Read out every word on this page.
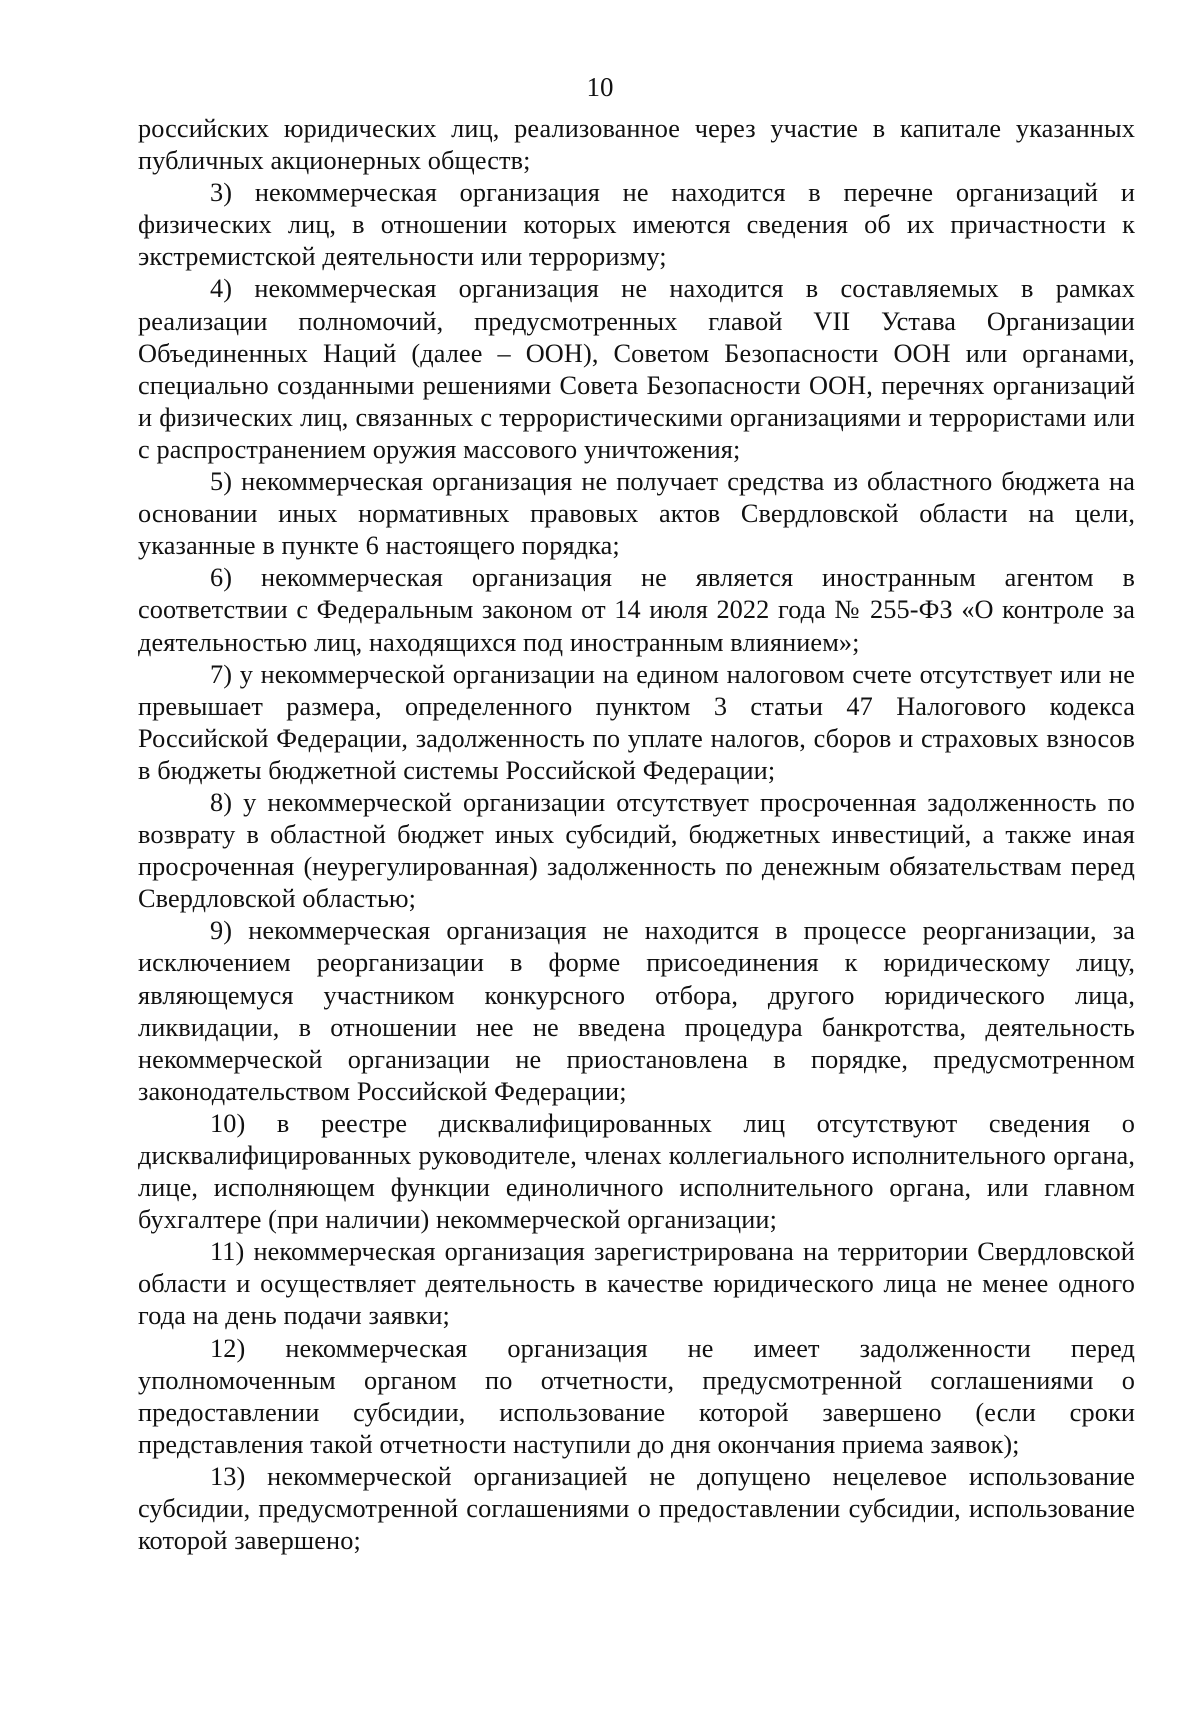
10

российских юридических лиц, реализованное через участие в капитале указанных публичных акционерных обществ;

3) некоммерческая организация не находится в перечне организаций и физических лиц, в отношении которых имеются сведения об их причастности к экстремистской деятельности или терроризму;

4) некоммерческая организация не находится в составляемых в рамках реализации полномочий, предусмотренных главой VII Устава Организации Объединенных Наций (далее – ООН), Советом Безопасности ООН или органами, специально созданными решениями Совета Безопасности ООН, перечнях организаций и физических лиц, связанных с террористическими организациями и террористами или с распространением оружия массового уничтожения;

5) некоммерческая организация не получает средства из областного бюджета на основании иных нормативных правовых актов Свердловской области на цели, указанные в пункте 6 настоящего порядка;

6) некоммерческая организация не является иностранным агентом в соответствии с Федеральным законом от 14 июля 2022 года № 255-ФЗ «О контроле за деятельностью лиц, находящихся под иностранным влиянием»;

7) у некоммерческой организации на едином налоговом счете отсутствует или не превышает размера, определенного пунктом 3 статьи 47 Налогового кодекса Российской Федерации, задолженность по уплате налогов, сборов и страховых взносов в бюджеты бюджетной системы Российской Федерации;

8) у некоммерческой организации отсутствует просроченная задолженность по возврату в областной бюджет иных субсидий, бюджетных инвестиций, а также иная просроченная (неурегулированная) задолженность по денежным обязательствам перед Свердловской областью;

9) некоммерческая организация не находится в процессе реорганизации, за исключением реорганизации в форме присоединения к юридическому лицу, являющемуся участником конкурсного отбора, другого юридического лица, ликвидации, в отношении нее не введена процедура банкротства, деятельность некоммерческой организации не приостановлена в порядке, предусмотренном законодательством Российской Федерации;

10) в реестре дисквалифицированных лиц отсутствуют сведения о дисквалифицированных руководителе, членах коллегиального исполнительного органа, лице, исполняющем функции единоличного исполнительного органа, или главном бухгалтере (при наличии) некоммерческой организации;

11) некоммерческая организация зарегистрирована на территории Свердловской области и осуществляет деятельность в качестве юридического лица не менее одного года на день подачи заявки;

12) некоммерческая организация не имеет задолженности перед уполномоченным органом по отчетности, предусмотренной соглашениями о предоставлении субсидии, использование которой завершено (если сроки представления такой отчетности наступили до дня окончания приема заявок);

13) некоммерческой организацией не допущено нецелевое использование субсидии, предусмотренной соглашениями о предоставлении субсидии, использование которой завершено;
